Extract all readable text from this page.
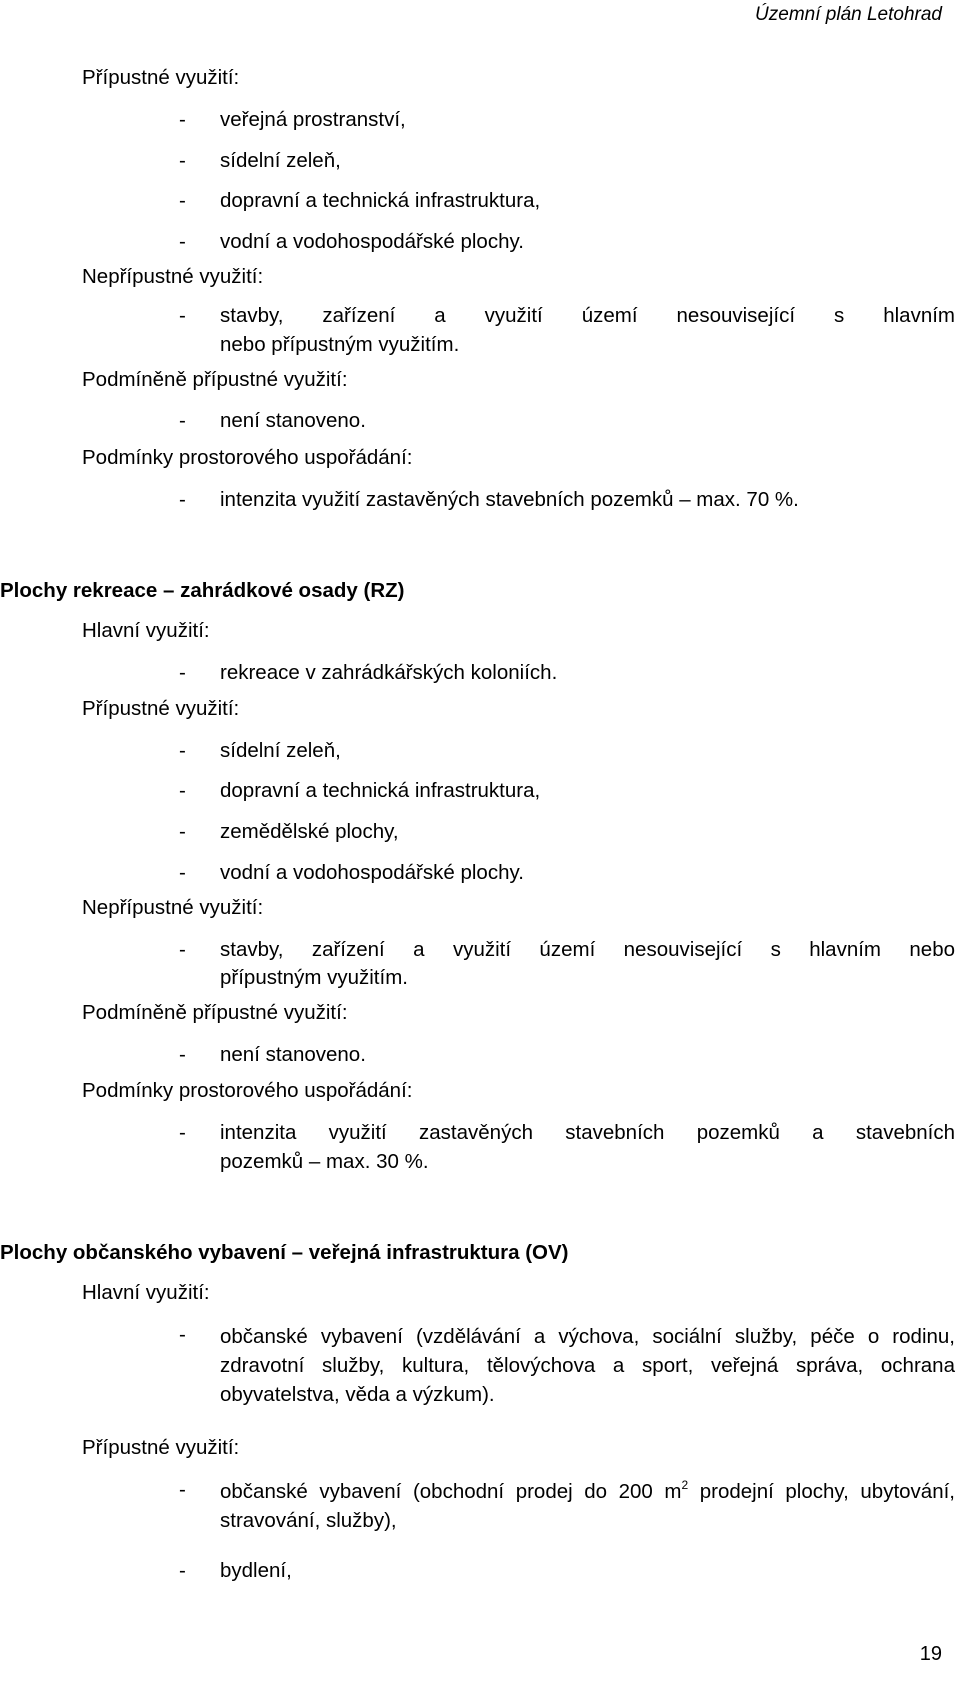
Územní plán Letohrad
Přípustné využití:
- veřejná prostranství,
- sídelní zeleň,
- dopravní a technická infrastruktura,
- vodní a vodohospodářské plochy.
Nepřípustné využití:
- stavby, zařízení a využití území nesouvisející s hlavním
nebo přípustným využitím.
Podmíněně přípustné využití:
- není stanoveno.
Podmínky prostorového uspořádání:
- intenzita využití zastavěných stavebních pozemků – max. 70 %.
Plochy rekreace – zahrádkové osady (RZ)
Hlavní využití:
- rekreace v zahrádkářských koloniích.
Přípustné využití:
- sídelní zeleň,
- dopravní a technická infrastruktura,
- zemědělské plochy,
- vodní a vodohospodářské plochy.
Nepřípustné využití:
- stavby, zařízení a využití území nesouvisející s hlavním nebo
přípustným využitím.
Podmíněně přípustné využití:
- není stanoveno.
Podmínky prostorového uspořádání:
- intenzita využití zastavěných stavebních pozemků a stavebních
pozemků – max. 30 %.
Plochy občanského vybavení – veřejná infrastruktura (OV)
Hlavní využití:
- občanské vybavení (vzdělávání a výchova, sociální služby, péče o rodinu, zdravotní služby, kultura, tělovýchova a sport, veřejná správa, ochrana obyvatelstva, věda a výzkum).
Přípustné využití:
- občanské vybavení (obchodní prodej do 200 $m^2$ prodejní plochy, ubytování, stravování, služby),
- bydlení,
19
